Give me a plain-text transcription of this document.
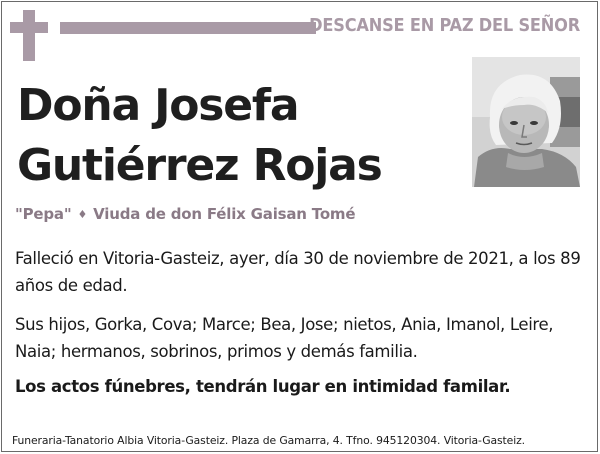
DESCANSE EN PAZ DEL SEÑOR
Doña Josefa
Gutiérrez Rojas
"Pepa" ♦ Viuda de don Félix Gaisan Tomé
Falleció en Vitoria-Gasteiz, ayer, día 30 de noviembre de 2021, a los 89 años de edad.
Sus hijos, Gorka, Cova; Marce; Bea, Jose; nietos, Ania, Imanol, Leire, Naia; hermanos, sobrinos, primos y demás familia.
Los actos fúnebres, tendrán lugar en intimidad familar.
Funeraria-Tanatorio Albia Vitoria-Gasteiz. Plaza de Gamarra, 4. Tfno. 945120304. Vitoria-Gasteiz.
